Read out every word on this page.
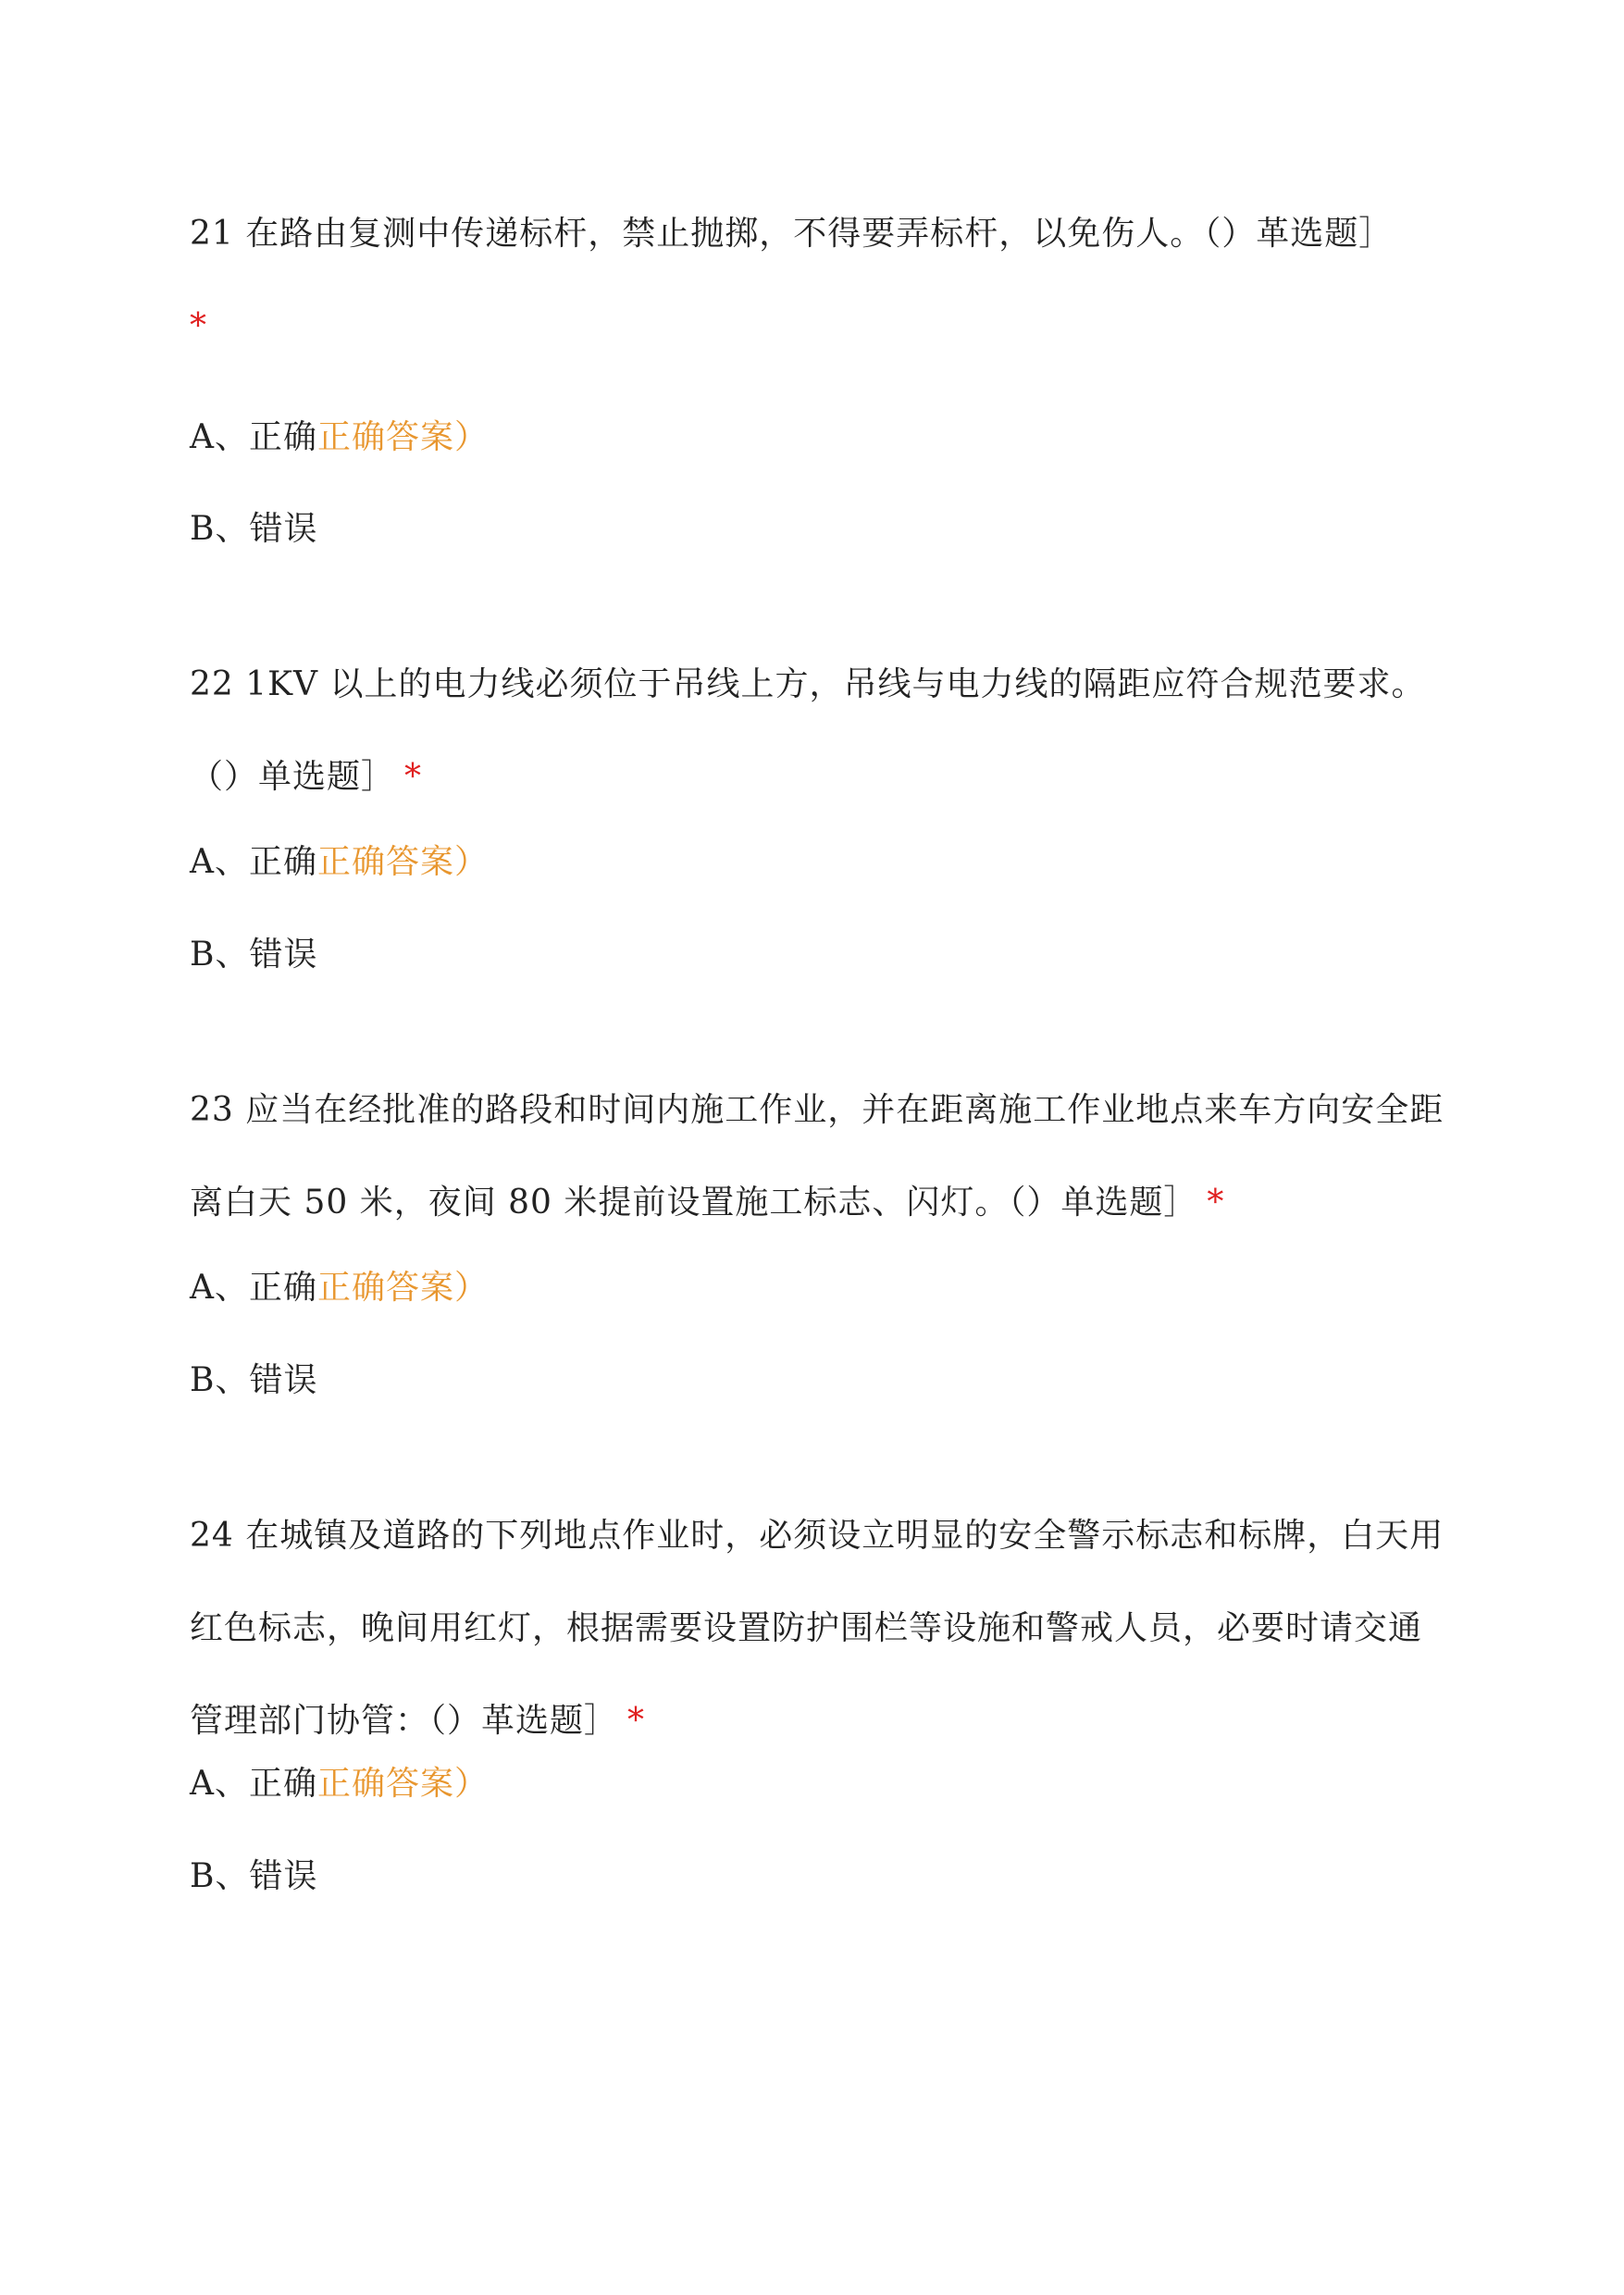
21 在路由复测中传递标杆，禁止抛掷，不得要弄标杆，以免伤人。（）革选题］
*
A、正确正确答案）
B、错误
22 1KV 以上的电力线必须位于吊线上方，吊线与电力线的隔距应符合规范要求。（）单选题］ *
A、正确正确答案）
B、错误
23 应当在经批准的路段和时间内施工作业，并在距离施工作业地点来车方向安全距离白天 50 米，夜间 80 米提前设置施工标志、闪灯。（）单选题］ *
A、正确正确答案）
B、错误
24 在城镇及道路的下列地点作业时，必须设立明显的安全警示标志和标牌，白天用红色标志，晚间用红灯，根据需要设置防护围栏等设施和警戒人员，必要时请交通管理部门协管：（）革选题］ *
A、正确正确答案）
B、错误
